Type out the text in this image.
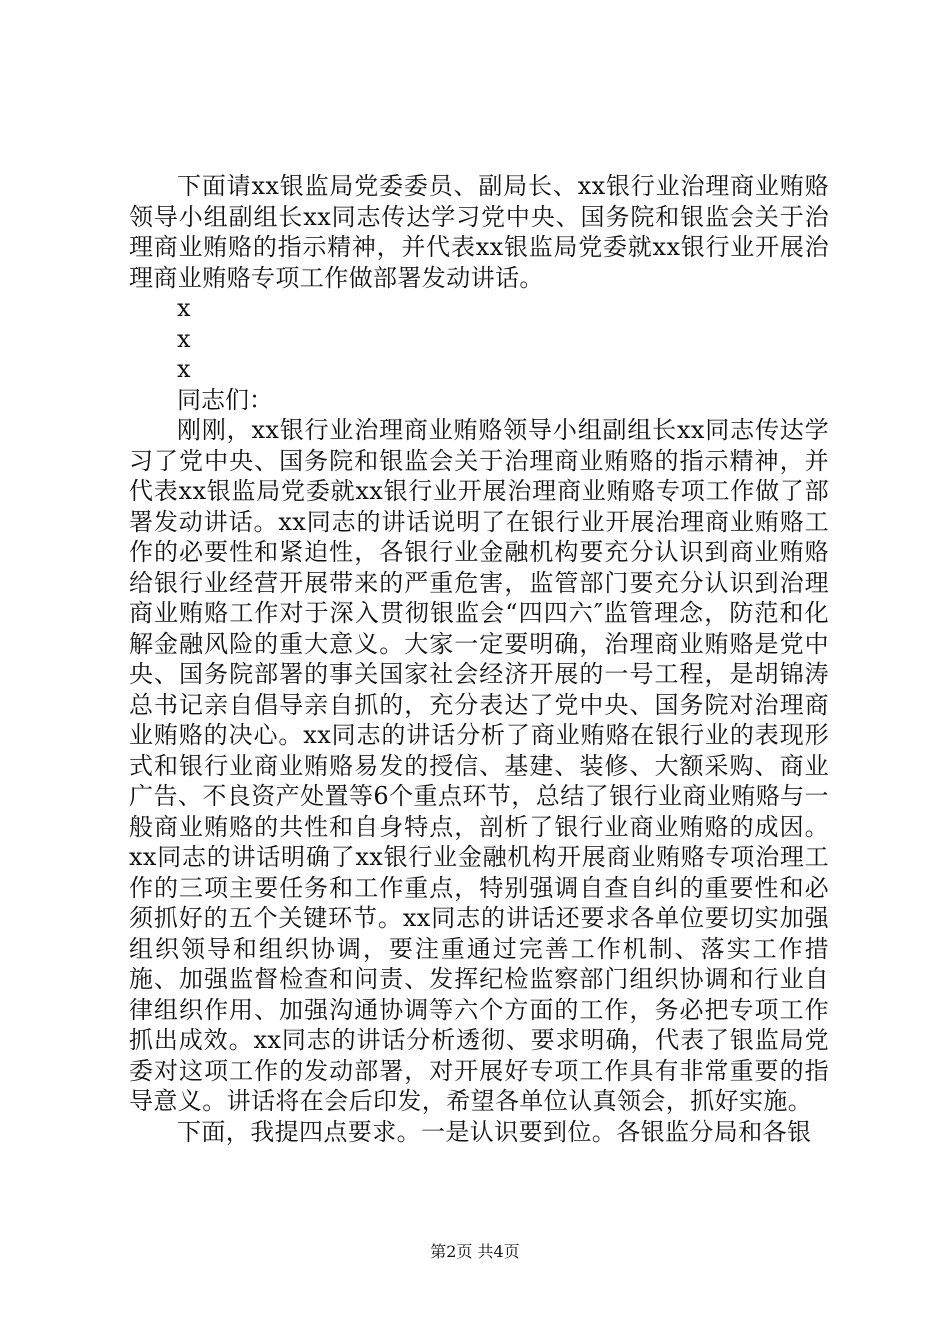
下面请xx银监局党委委员、副局长、xx银行业治理商业贿赂领导小组副组长xx同志传达学习党中央、国务院和银监会关于治理商业贿赂的指示精神，并代表xx银监局党委就xx银行业开展治理商业贿赂专项工作做部署发动讲话。

x

x

x

同志们：

刚刚，xx银行业治理商业贿赂领导小组副组长xx同志传达学习了党中央、国务院和银监会关于治理商业贿赂的指示精神，并代表xx银监局党委就xx银行业开展治理商业贿赂专项工作做了部署发动讲话。xx同志的讲话说明了在银行业开展治理商业贿赂工作的必要性和紧迫性，各银行业金融机构要充分认识到商业贿赂给银行业经营开展带来的严重危害，监管部门要充分认识到治理商业贿赂工作对于深入贯彻银监会“四四六″监管理念，防范和化解金融风险的重大意义。大家一定要明确，治理商业贿赂是党中央、国务院部署的事关国家社会经济开展的一号工程，是胡锦涛总书记亲自倡导亲自抓的，充分表达了党中央、国务院对治理商业贿赂的决心。xx同志的讲话分析了商业贿赂在银行业的表现形式和银行业商业贿赂易发的授信、基建、装修、大额采购、商业广告、不良资产处置等6个重点环节，总结了银行业商业贿赂与一般商业贿赂的共性和自身特点，剖析了银行业商业贿赂的成因。xx同志的讲话明确了xx银行业金融机构开展商业贿赂专项治理工作的三项主要任务和工作重点，特别强调自查自纠的重要性和必须抓好的五个关键环节。xx同志的讲话还要求各单位要切实加强组织领导和组织协调，要注重通过完善工作机制、落实工作措施、加强监督检查和问责、发挥纪检监察部门组织协调和行业自律组织作用、加强沟通协调等六个方面的工作，务必把专项工作抓出成效。xx同志的讲话分析透彻、要求明确，代表了银监局党委对这项工作的发动部署，对开展好专项工作具有非常重要的指导意义。讲话将在会后印发，希望各单位认真领会，抓好实施。

下面，我提四点要求。一是认识要到位。各银监分局和各银

第2页 共4页
